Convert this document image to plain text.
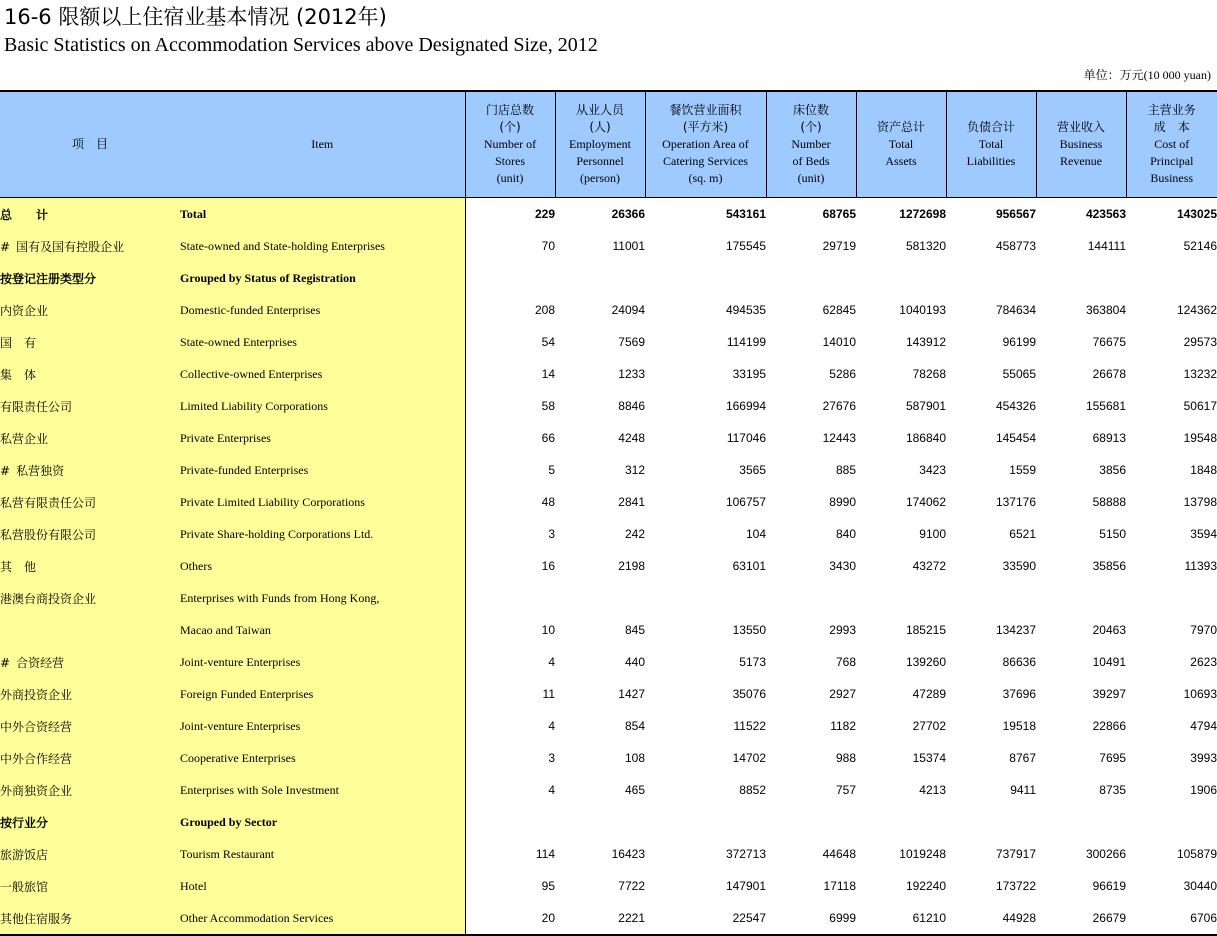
16-6 限额以上住宿业基本情况 (2012年)
Basic Statistics on Accommodation Services above Designated Size, 2012
单位：万元(10 000 yuan)
项　目	Item	门店总数
(个)
Number of
Stores
(unit)	从业人员
(人)
Employment
Personnel
(person)	餐饮营业面积
(平方米)
Operation Area of
Catering Services
(sq. m)	床位数
(个)
Number
of Beds
(unit)	资产总计
Total
Assets	负债合计
Total
Liabilities	营业收入
Business
Revenue	主营业务
成　本
Cost of
Principal
Business
总　　计	Total	229	26366	543161	68765	1272698	956567	423563	143025
# 国有及国有控股企业	State-owned and State-holding Enterprises	70	11001	175545	29719	581320	458773	144111	52146
按登记注册类型分	Grouped by Status of Registration								
内资企业	Domestic-funded Enterprises	208	24094	494535	62845	1040193	784634	363804	124362
国　有	State-owned Enterprises	54	7569	114199	14010	143912	96199	76675	29573
集　体	Collective-owned Enterprises	14	1233	33195	5286	78268	55065	26678	13232
有限责任公司	Limited Liability Corporations	58	8846	166994	27676	587901	454326	155681	50617
私营企业	Private Enterprises	66	4248	117046	12443	186840	145454	68913	19548
# 私营独资	Private-funded Enterprises	5	312	3565	885	3423	1559	3856	1848
私营有限责任公司	Private Limited Liability Corporations	48	2841	106757	8990	174062	137176	58888	13798
私营股份有限公司	Private Share-holding Corporations Ltd.	3	242	104	840	9100	6521	5150	3594
其　他	Others	16	2198	63101	3430	43272	33590	35856	11393
港澳台商投资企业	Enterprises with Funds from Hong Kong,								
	Macao and Taiwan	10	845	13550	2993	185215	134237	20463	7970
# 合资经营	Joint-venture Enterprises	4	440	5173	768	139260	86636	10491	2623
外商投资企业	Foreign Funded Enterprises	11	1427	35076	2927	47289	37696	39297	10693
中外合资经营	Joint-venture Enterprises	4	854	11522	1182	27702	19518	22866	4794
中外合作经营	Cooperative Enterprises	3	108	14702	988	15374	8767	7695	3993
外商独资企业	Enterprises with Sole Investment	4	465	8852	757	4213	9411	8735	1906
按行业分	Grouped by Sector								
旅游饭店	Tourism Restaurant	114	16423	372713	44648	1019248	737917	300266	105879
一般旅馆	Hotel	95	7722	147901	17118	192240	173722	96619	30440
其他住宿服务	Other Accommodation Services	20	2221	22547	6999	61210	44928	26679	6706
